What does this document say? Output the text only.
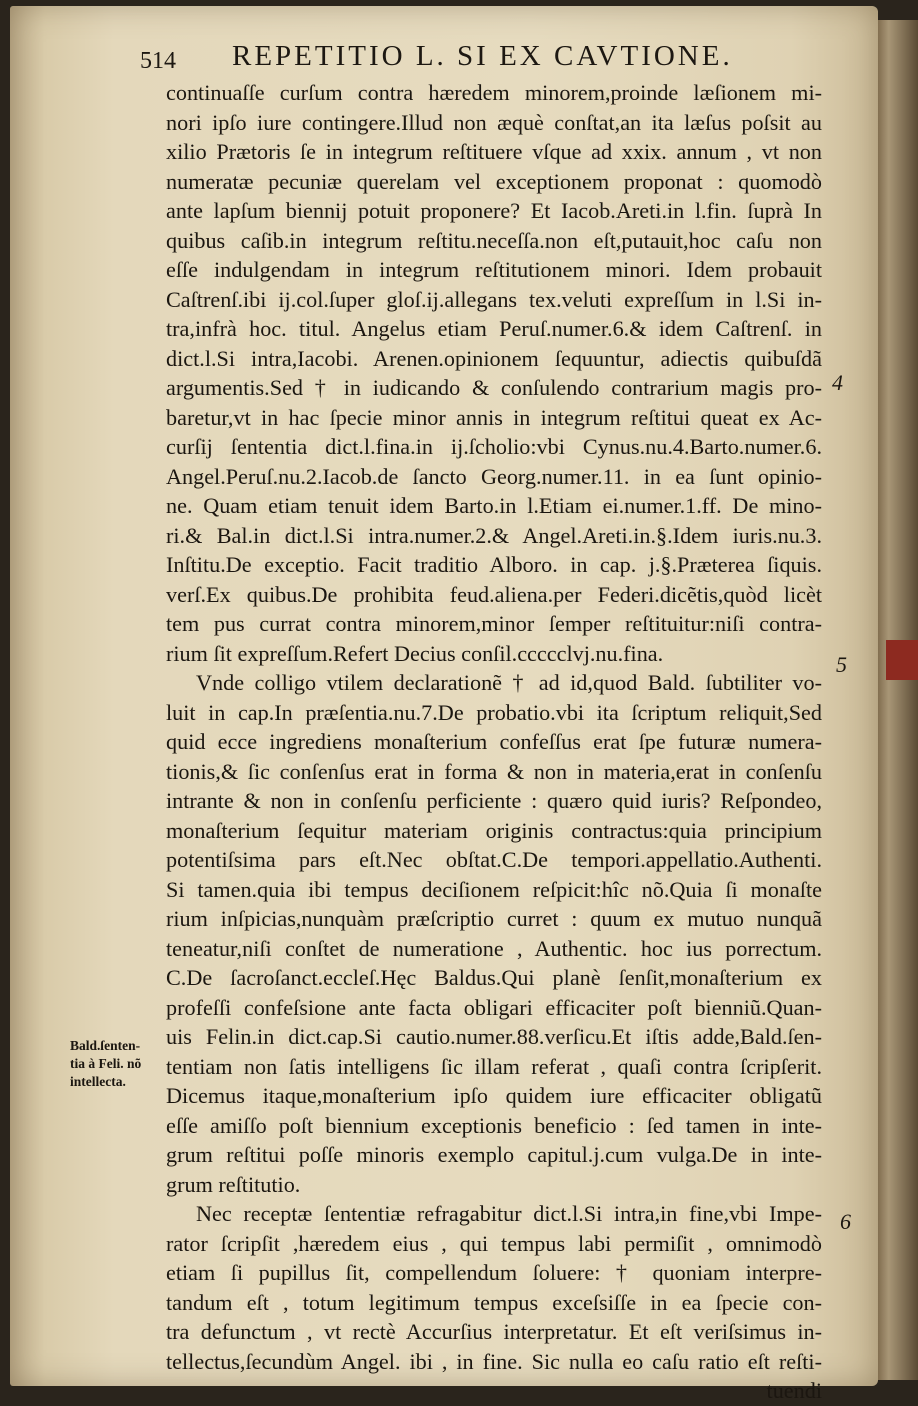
514 REPETITIO L. SI EX CAVTIONE.
Bald.ſenten-
tia à Feli. nõ
intellecta.
4
5
6
continuaſſe curſum contra hæredem minorem,proinde læſionem mi-
nori ipſo iure contingere.Illud non æquè conſtat,an ita læſus poſsit au
xilio Prætoris ſe in integrum reſtituere vſque ad xxix. annum , vt non
numeratæ pecuniæ querelam vel exceptionem proponat : quomodò
ante lapſum biennij potuit proponere? Et Iacob.Areti.in l.fin. ſuprà In
quibus caſib.in integrum reſtitu.neceſſa.non eſt,putauit,hoc caſu non
eſſe indulgendam in integrum reſtitutionem minori. Idem probauit
Caſtrenſ.ibi ij.col.ſuper gloſ.ij.allegans tex.veluti expreſſum in l.Si in-
tra,infrà hoc. titul. Angelus etiam Peruſ.numer.6.& idem Caſtrenſ. in
dict.l.Si intra,Iacobi. Arenen.opinionem ſequuntur, adiectis quibuſdã
argumentis.Sed † in iudicando & conſulendo contrarium magis pro-
baretur,vt in hac ſpecie minor annis in integrum reſtitui queat ex Ac-
curſij ſententia dict.l.fina.in ij.ſcholio:vbi Cynus.nu.4.Barto.numer.6.
Angel.Peruſ.nu.2.Iacob.de ſancto Georg.numer.11. in ea ſunt opinio-
ne. Quam etiam tenuit idem Barto.in l.Etiam ei.numer.1.ff. De mino-
ri.& Bal.in dict.l.Si intra.numer.2.& Angel.Areti.in.§.Idem iuris.nu.3.
Inſtitu.De exceptio. Facit traditio Alboro. in cap. j.§.Præterea ſiquis.
verſ.Ex quibus.De prohibita feud.aliena.per Federi.dicẽtis,quòd licèt
tem pus currat contra minorem,minor ſemper reſtituitur:niſi contra-
rium ſit expreſſum.Refert Decius conſil.ccccclvj.nu.fina.
Vnde colligo vtilem declarationẽ † ad id,quod Bald. ſubtiliter vo-
luit in cap.In præſentia.nu.7.De probatio.vbi ita ſcriptum reliquit,Sed
quid ecce ingrediens monaſterium confeſſus erat ſpe futuræ numera-
tionis,& ſic conſenſus erat in forma & non in materia,erat in conſenſu
intrante & non in conſenſu perficiente : quæro quid iuris? Reſpondeo,
monaſterium ſequitur materiam originis contractus:quia principium
potentiſsima pars eſt.Nec obſtat.C.De tempori.appellatio.Authenti.
Si tamen.quia ibi tempus deciſionem reſpicit:hîc nõ.Quia ſi monaſte
rium inſpicias,nunquàm præſcriptio curret : quum ex mutuo nunquã
teneatur,niſi conſtet de numeratione , Authentic. hoc ius porrectum.
C.De ſacroſanct.eccleſ.Hęc Baldus.Qui planè ſenſit,monaſterium ex
profeſſi confeſsione ante facta obligari efficaciter poſt bienniũ.Quan-
uis Felin.in dict.cap.Si cautio.numer.88.verſicu.Et iſtis adde,Bald.ſen-
tentiam non ſatis intelligens ſic illam referat , quaſi contra ſcripſerit.
Dicemus itaque,monaſterium ipſo quidem iure efficaciter obligatũ
eſſe amiſſo poſt biennium exceptionis beneficio : ſed tamen in inte-
grum reſtitui poſſe minoris exemplo capitul.j.cum vulga.De in inte-
grum reſtitutio.
Nec receptæ ſententiæ refragabitur dict.l.Si intra,in fine,vbi Impe-
rator ſcripſit ,hæredem eius , qui tempus labi permiſit , omnimodò
etiam ſi pupillus ſit, compellendum ſoluere: † quoniam interpre-
tandum eſt , totum legitimum tempus exceſsiſſe in ea ſpecie con-
tra defunctum , vt rectè Accurſius interpretatur. Et eſt veriſsimus in-
tellectus,ſecundùm Angel. ibi , in fine. Sic nulla eo caſu ratio eſt reſti-
tuendi
